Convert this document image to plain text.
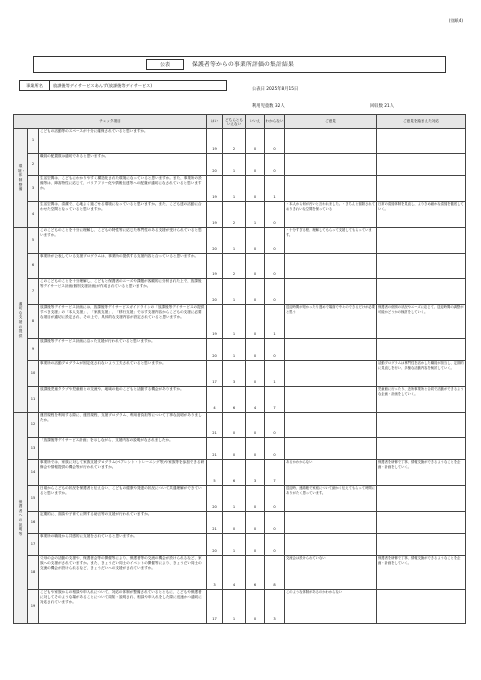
(別紙4)
公表	保護者等からの事業所評価の集計結果
事業所名	放課後等デイサービスあんず(放課後等デイサービス)
公表日 2025年8月15日
利用児童数 32人	回収数 21人
チェック項目			はい	どちらとも
いえない	いいえ	わからない	ご意見	ご意見を踏まえた対応
環境・体制整備	1	こどもの活動等のスペースが十分に確保されていると思いますか。	19	2	0	0		
	2	職員の配置数は適切であると思いますか。	20	1	0	0		
	3	生活空間は、こどもにわかりやすく構造化された環境になっていると思いますか。また、事業所の設備等は、障害特性に応じて、バリアフリー化や情報伝達等への配慮が適切になされていると思いますか。	19	1	0	1		
	4	生活空間は、清潔で、心地よく過ごせる環境になっていると思いますか。また、こども達の活動に合わせた空間となっていると思いますか。	19	2	1	0	・本人から何が汚いと言われました。・きちんと掃除されておりきれいな空間を保っている	日常の清掃体制を見直し、よりきめ細かな清掃を徹底していく。
適切な支援の提供	5	このこどものことを十分に理解し、こどもの特性等に応じた専門性のある支援が受けられていると思いますか。	20	1	0	0	・十分すぎる程、理解してもらって支援してもらっています。	
	6	事業所が公表している支援プログラムは、事業所の提供する支援内容と合っていると思いますか。	19	2	0	0		
	7	このこどものことを十分理解し、こどもと保護者のニーズや課題が客観的に分析された上で、放課後等デイサービス計画(個別支援計画)が作成されていると思いますか。	20	1	0	0		
	8	放課後等デイサービス計画には、放課後等デイサービスガイドラインの「放課後等デイサービスの提供すべき支援」の「本人支援」、「家族支援」、「移行支援」で示す支援内容からこどもの支援に必要な項目が適切に設定され、その上で、具体的な支援内容が設定されていると思いますか。	19	1	0	1	送迎時間が短かったり遅めで場面で中々のできるだけが必要と思う	保護者の個別の状況やニーズに応じて、送迎時間の調整が可能かどうかの検討をしていく。
	9	放課後等デイサービス計画に沿った支援が行われていると思いますか。	20	1	0	0		
	10	事業所の活動プログラムが固定化されないよう工夫されていると思いますか。	17	3	0	1		活動プログラムは専門性を活かした職員が担当し、定期的に見直しを行い、多様な活動内容を検討していく。
	11	放課後児童クラブや児童館との交流や、地域の他のこどもと活動する機会がありますか。	4	6	4	7		児童館に行ったり、近所事業所と合同で活動ができるような企画・計画をしていく。
保護者への説明等	12	運営規程を利用する際に、運営規程、支援プログラム、利用者負担等について丁寧な説明がありましたか。	21	0	0	0		
	13	「放課後等デイサービス計画」を示しながら、支援内容の説明がなされましたか。	21	0	0	0		
	14	事業所では、家族に対して家族支援プログラム(ペアレント・トレーニング等)や家族等を参加できる研修会や情報提供の機会等が行われていますか。	5	6	3	7	あるかわからない	保護者を研修で丁寧、情報交換ができるようなことを企画・計画をしていく。
	15	日頃からこどもの状況を保護者と伝え合い、こどもの健康や発達の状況について共通理解ができていると思いますか。	20	1	0	0	送迎時、連絡帳で家庭について細かく伝えてもらって時間にありがたく思っています。	
	16	定期的に、面談や子育てに関する助言等の支援が行われていますか。	21	0	0	0		
	17	事業所の職員から共感的に支援をされていると思いますか。	20	1	0	0		
	18	父母の会の活動の支援や、保護者会等の開催等により、保護者等の交流の機会が設けられるなど、家族への支援がされていますか。また、きょうだい同士のイベントの開催等により、きょうだい同士の交流の機会が設けられるなど、きょうだいへの支援がされていますか。	3	4	6	8	交流会は設けられていない	保護者を研修で丁寧、情報交換ができるようなことを企画・計画をしていく。
	19	こどもや家族からの相談や申入れについて、対応の体制が整備されているとともに、こどもや保護者に対してそのような場があることについて周知・説明され、相談や申入れをした際に迅速かつ適切に対応されていますか。	17	1	0	3	このような体制があるのかわからない	
